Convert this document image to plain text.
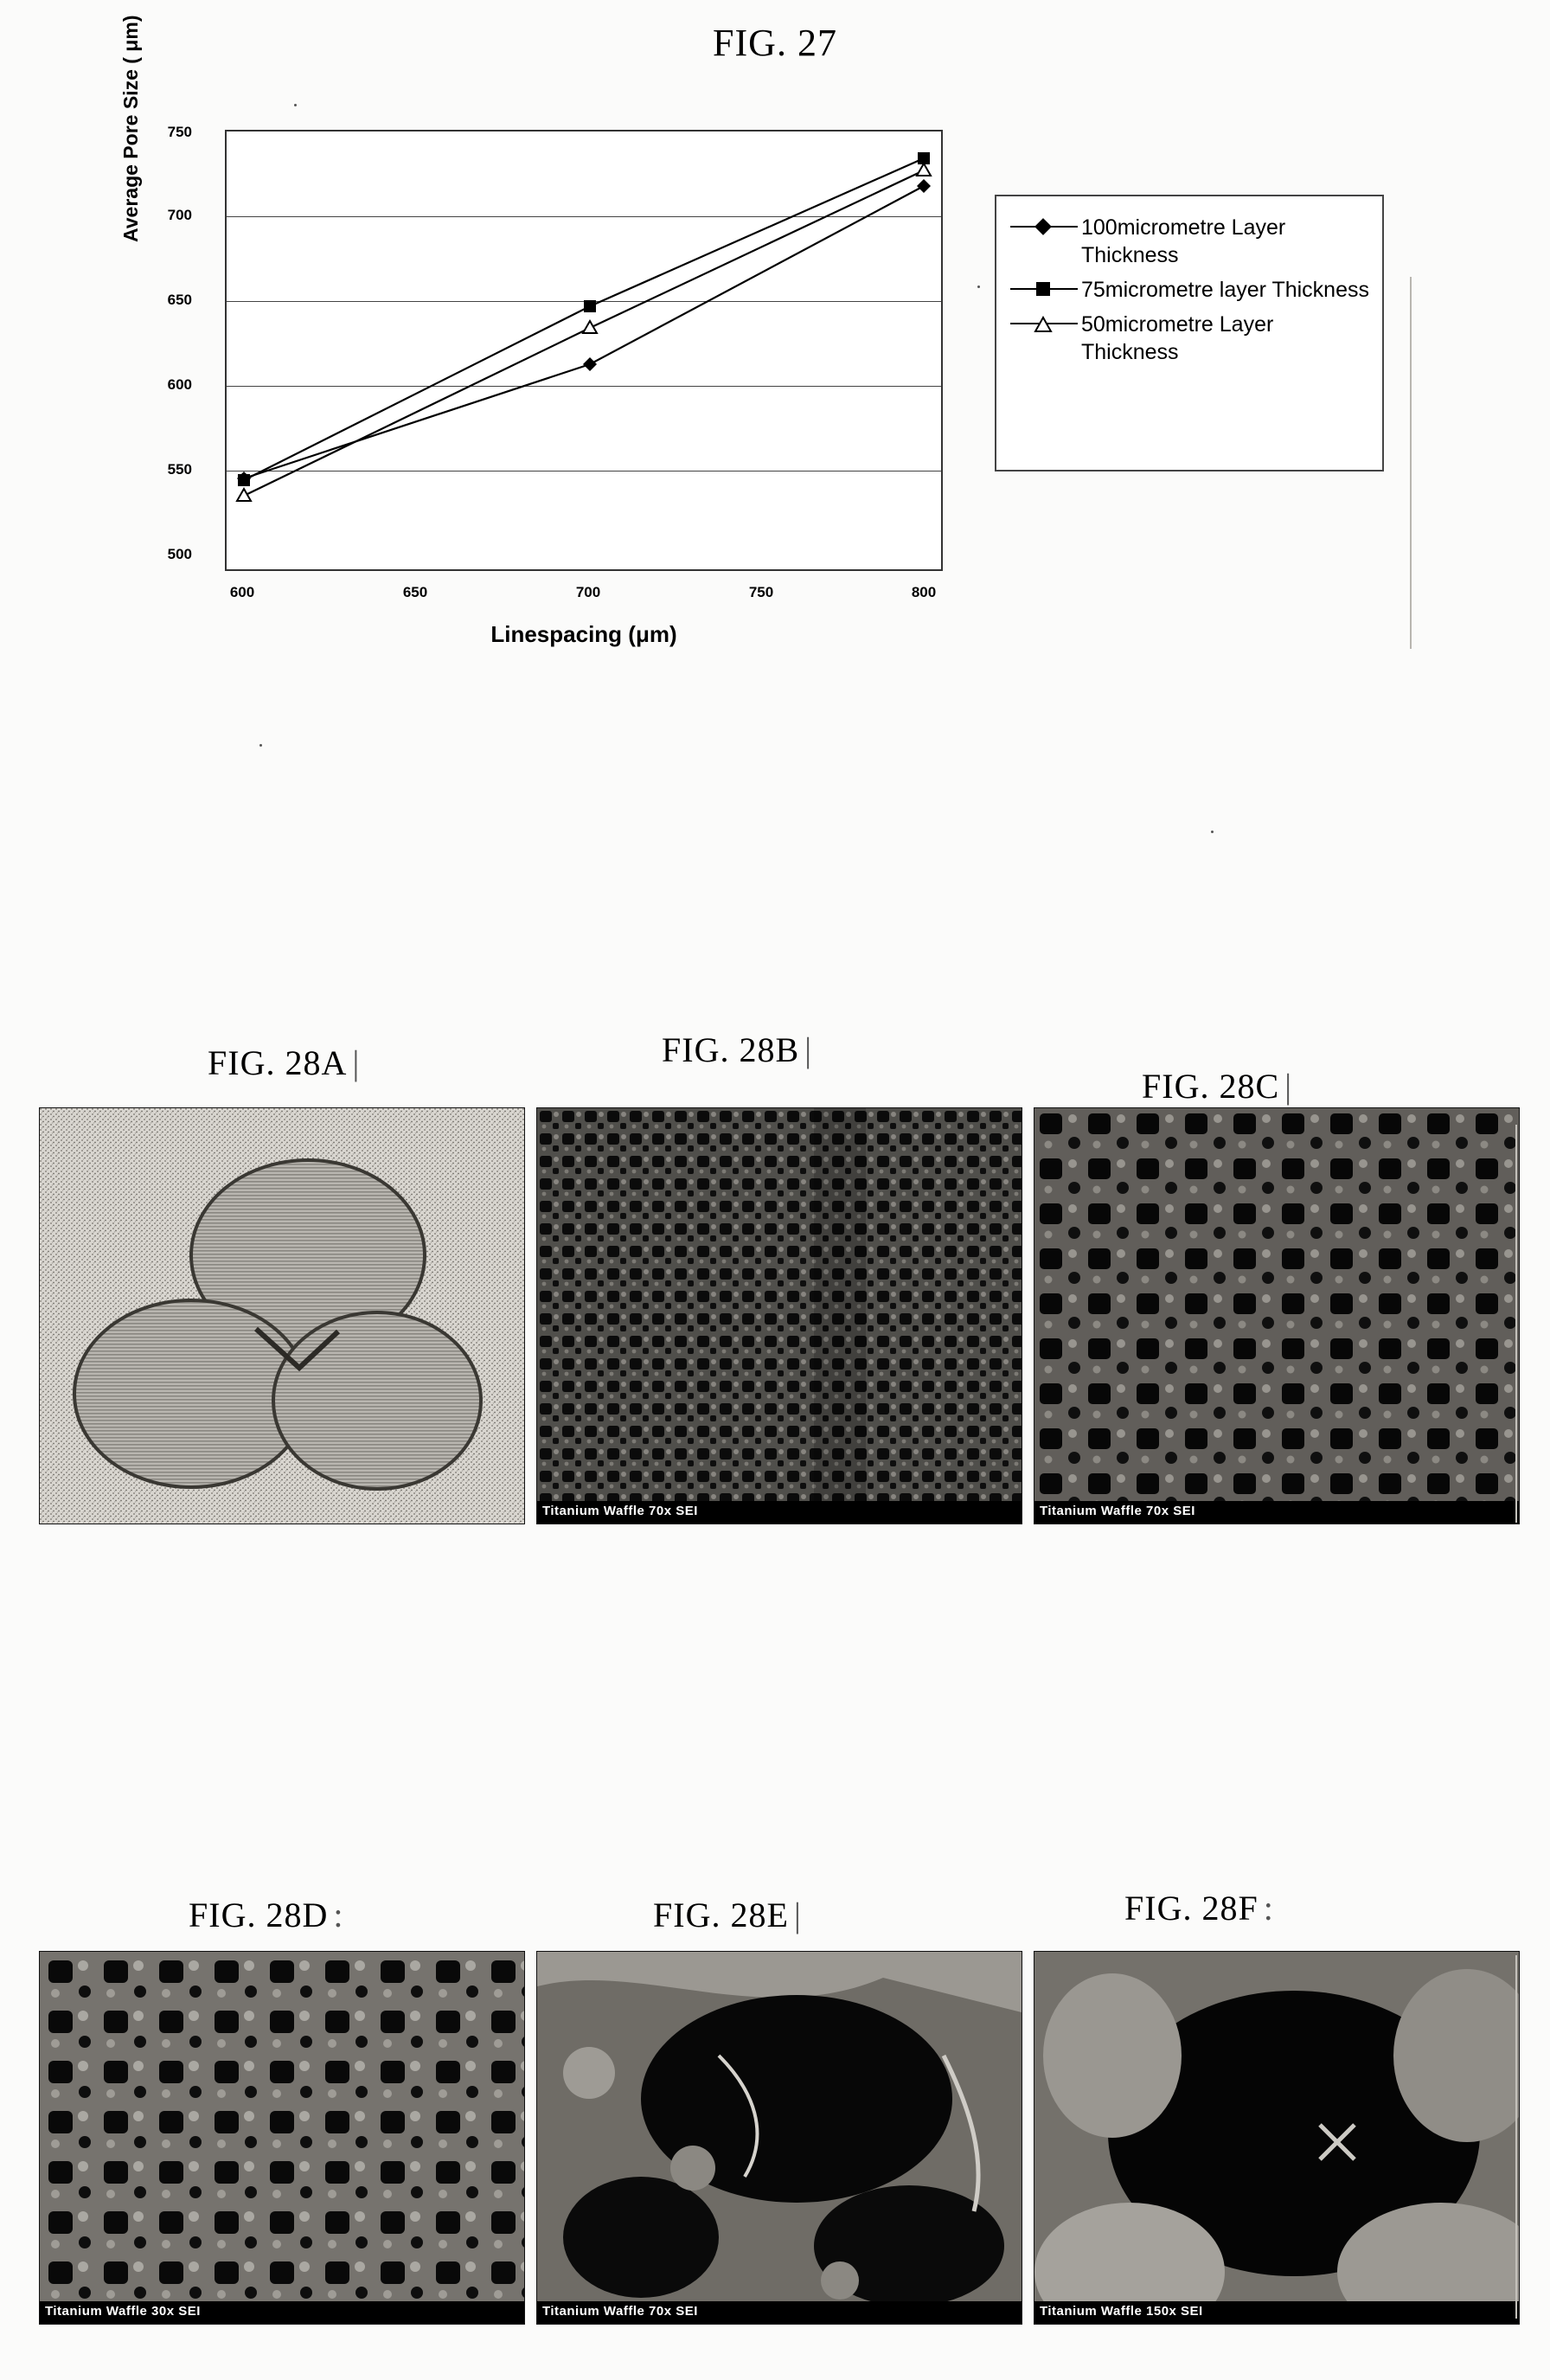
FIG. 27
Average Pore Size ( μm)
500
550
600
650
700
750
600	650	700	750	800
Linespacing (μm)
100micrometre Layer Thickness
75micrometre layer Thickness
50micrometre Layer Thickness
FIG. 28A |	FIG. 28B |
FIG. 28C |
Titanium Waffle 70x SEI	Titanium Waffle 70x SEI
FIG. 28D :	FIG. 28E |	FIG. 28F :
Titanium Waffle 30x SEI	Titanium Waffle 70x SEI	Titanium Waffle 150x SEI
